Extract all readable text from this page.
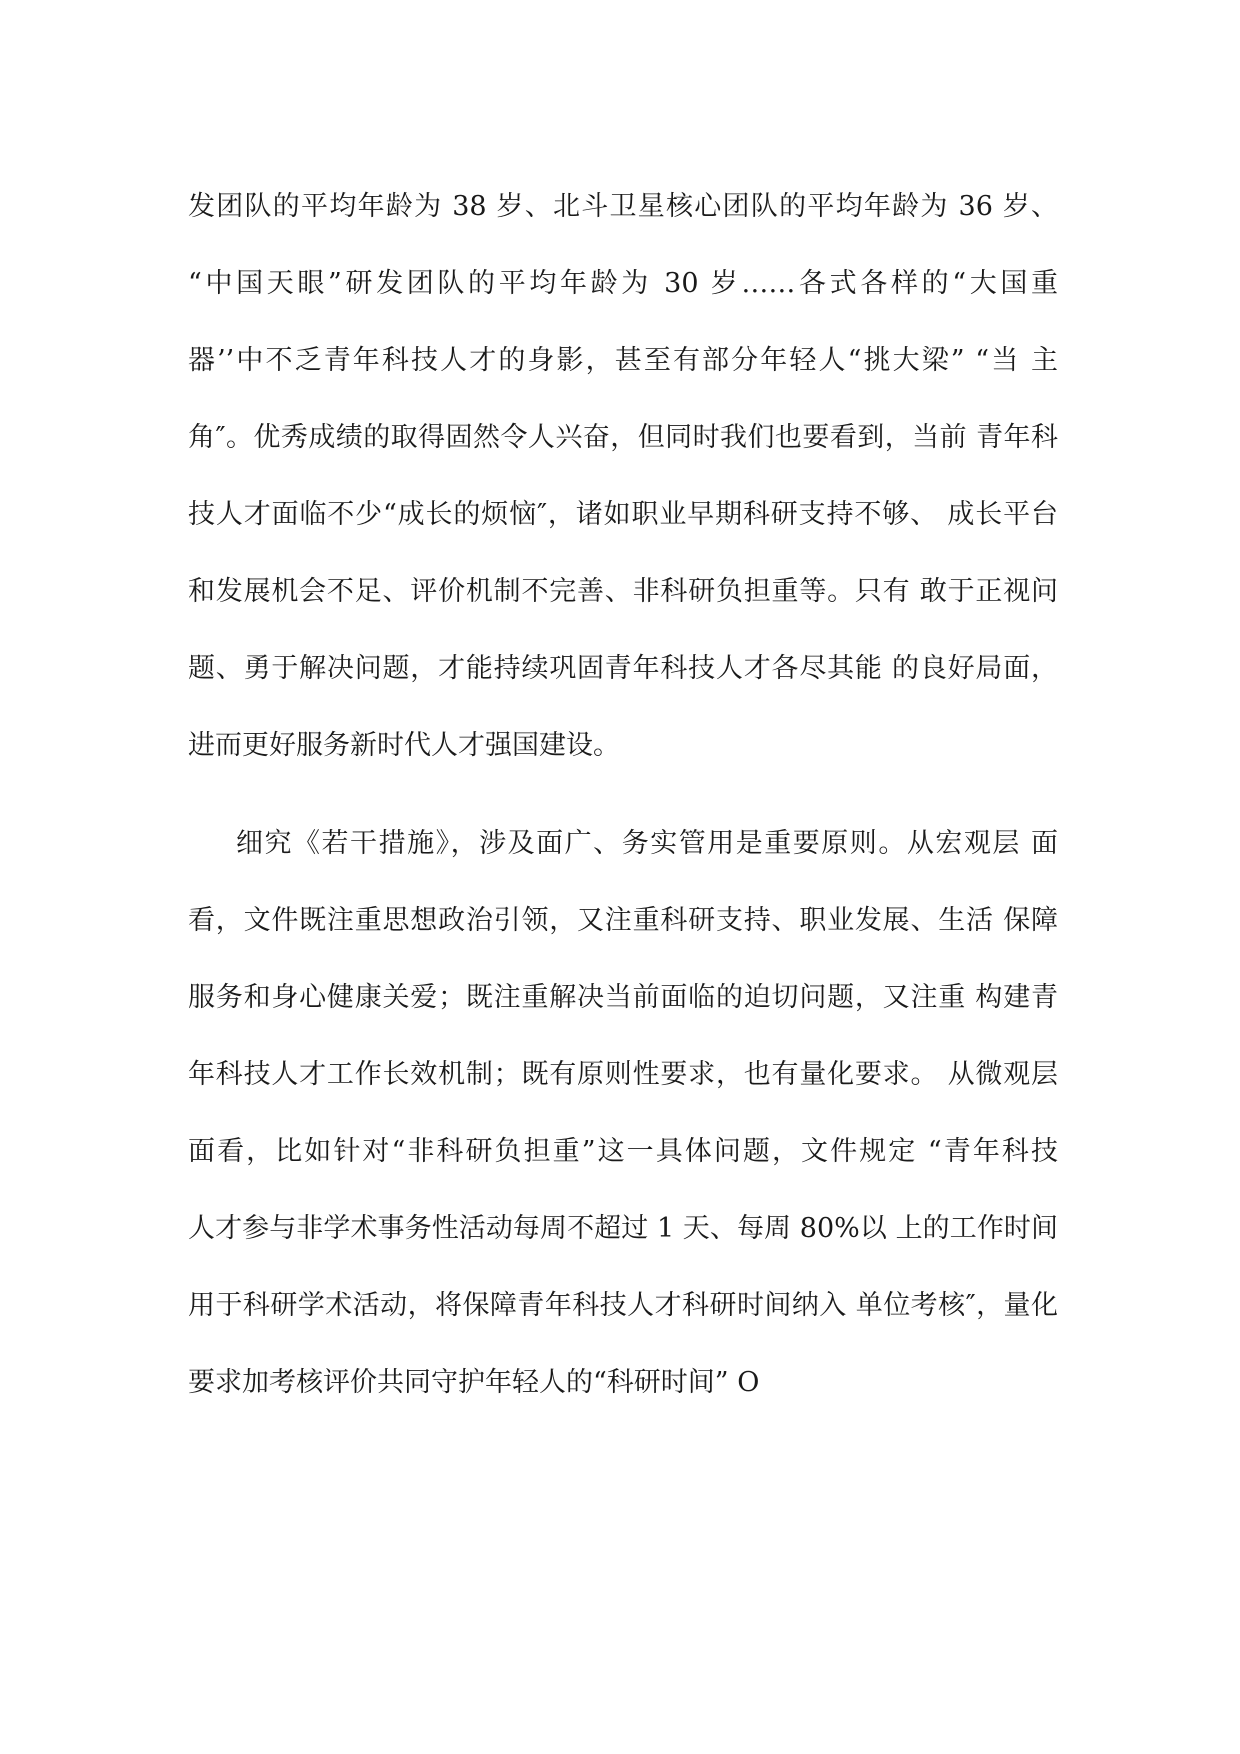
发团队的平均年龄为 38 岁、北斗卫星核心团队的平均年龄为 36 岁、
“中国天眼”研发团队的平均年龄为 30 岁……各式各样的“大国重
器’’中不乏青年科技人才的身影，甚至有部分年轻人“挑大梁” “当 主
角″。优秀成绩的取得固然令人兴奋，但同时我们也要看到，当前 青年科
技人才面临不少“成长的烦恼″，诸如职业早期科研支持不够、 成长平台
和发展机会不足、评价机制不完善、非科研负担重等。只有 敢于正视问
题、勇于解决问题，才能持续巩固青年科技人才各尽其能 的良好局面，
进而更好服务新时代人才强国建设。
细究《若干措施》，涉及面广、务实管用是重要原则。从宏观层 面
看，文件既注重思想政治引领，又注重科研支持、职业发展、生活 保障
服务和身心健康关爱；既注重解决当前面临的迫切问题，又注重 构建青
年科技人才工作长效机制；既有原则性要求，也有量化要求。 从微观层
面看，比如针对“非科研负担重”这一具体问题，文件规定 “青年科技
人才参与非学术事务性活动每周不超过 1 天、每周 80%以 上的工作时间
用于科研学术活动，将保障青年科技人才科研时间纳入 单位考核″，量化
要求加考核评价共同守护年轻人的“科研时间” O
